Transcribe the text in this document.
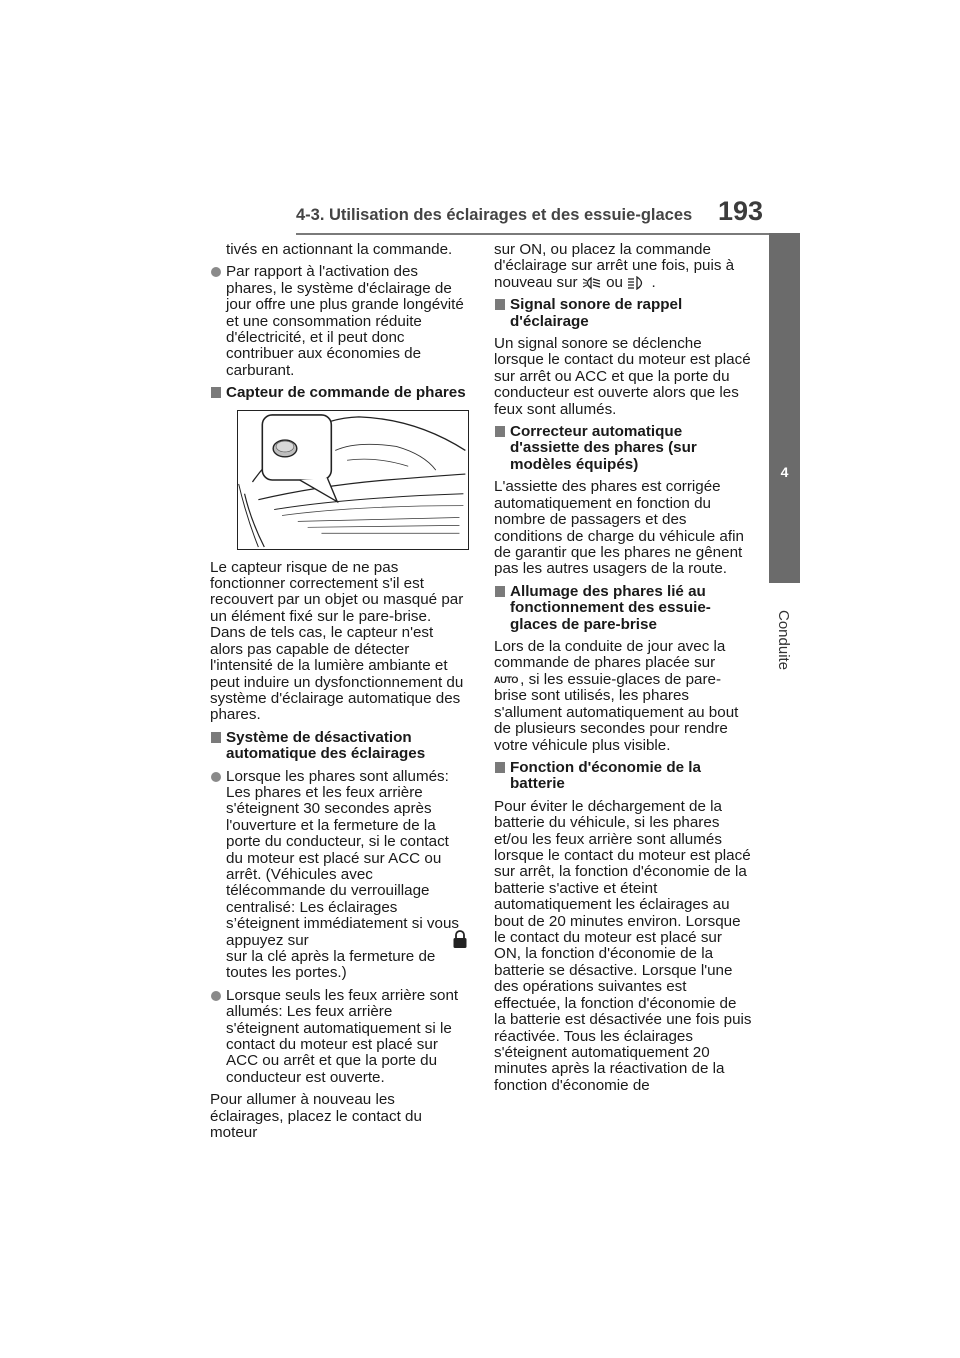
4-3. Utilisation des éclairages et des essuie-glaces 193
4
Conduite

tivés en actionnant la commande.

Par rapport à l'activation des phares, le système d'éclairage de jour offre une plus grande longévité et une consommation réduite d'électricité, et il peut donc contribuer aux économies de carburant.

Capteur de commande de phares

Le capteur risque de ne pas fonctionner correctement s'il est recouvert par un objet ou masqué par un élément fixé sur le pare-brise. Dans de tels cas, le capteur n'est alors pas capable de détecter l'intensité de la lumière ambiante et peut induire un dysfonctionnement du système d'éclairage automatique des phares.

Système de désactivation automatique des éclairages

Lorsque les phares sont allumés: Les phares et les feux arrière s'éteignent 30 secondes après l'ouverture et la fermeture de la porte du conducteur, si le contact du moteur est placé sur ACC ou arrêt. (Véhicules avec télécommande du verrouillage centralisé: Les éclairages s’éteignent immédiatement si vous appuyez sur

sur la clé après la fermeture de toutes les portes.)

Lorsque seuls les feux arrière sont allumés: Les feux arrière s'éteignent automatiquement si le contact du moteur est placé sur ACC ou arrêt et que la porte du conducteur est ouverte.

Pour allumer à nouveau les éclairages, placez le contact du moteur

sur ON, ou placez la commande d'éclairage sur arrêt une fois, puis à nouveau sur ou .

Signal sonore de rappel d'éclairage

Un signal sonore se déclenche lorsque le contact du moteur est placé sur arrêt ou ACC et que la porte du conducteur est ouverte alors que les feux sont allumés.

Correcteur automatique d'assiette des phares (sur modèles équipés)

L'assiette des phares est corrigée automatiquement en fonction du nombre de passagers et des conditions de charge du véhicule afin de garantir que les phares ne gênent pas les autres usagers de la route.

Allumage des phares lié au fonctionnement des essuie-glaces de pare-brise

Lors de la conduite de jour avec la commande de phares placée sur
AUTO , si les essuie-glaces de pare-brise sont utilisés, les phares s'allument automatiquement au bout de plusieurs secondes pour rendre votre véhicule plus visible.

Fonction d'économie de la batterie

Pour éviter le déchargement de la batterie du véhicule, si les phares et/ou les feux arrière sont allumés lorsque le contact du moteur est placé sur arrêt, la fonction d'économie de la batterie s'active et éteint automatiquement les éclairages au bout de 20 minutes environ. Lorsque le contact du moteur est placé sur ON, la fonction d'économie de la batterie se désactive. Lorsque l'une des opérations suivantes est effectuée, la fonction d'économie de la batterie est désactivée une fois puis réactivée. Tous les éclairages s'éteignent automatiquement 20 minutes après la réactivation de la fonction d'économie de
